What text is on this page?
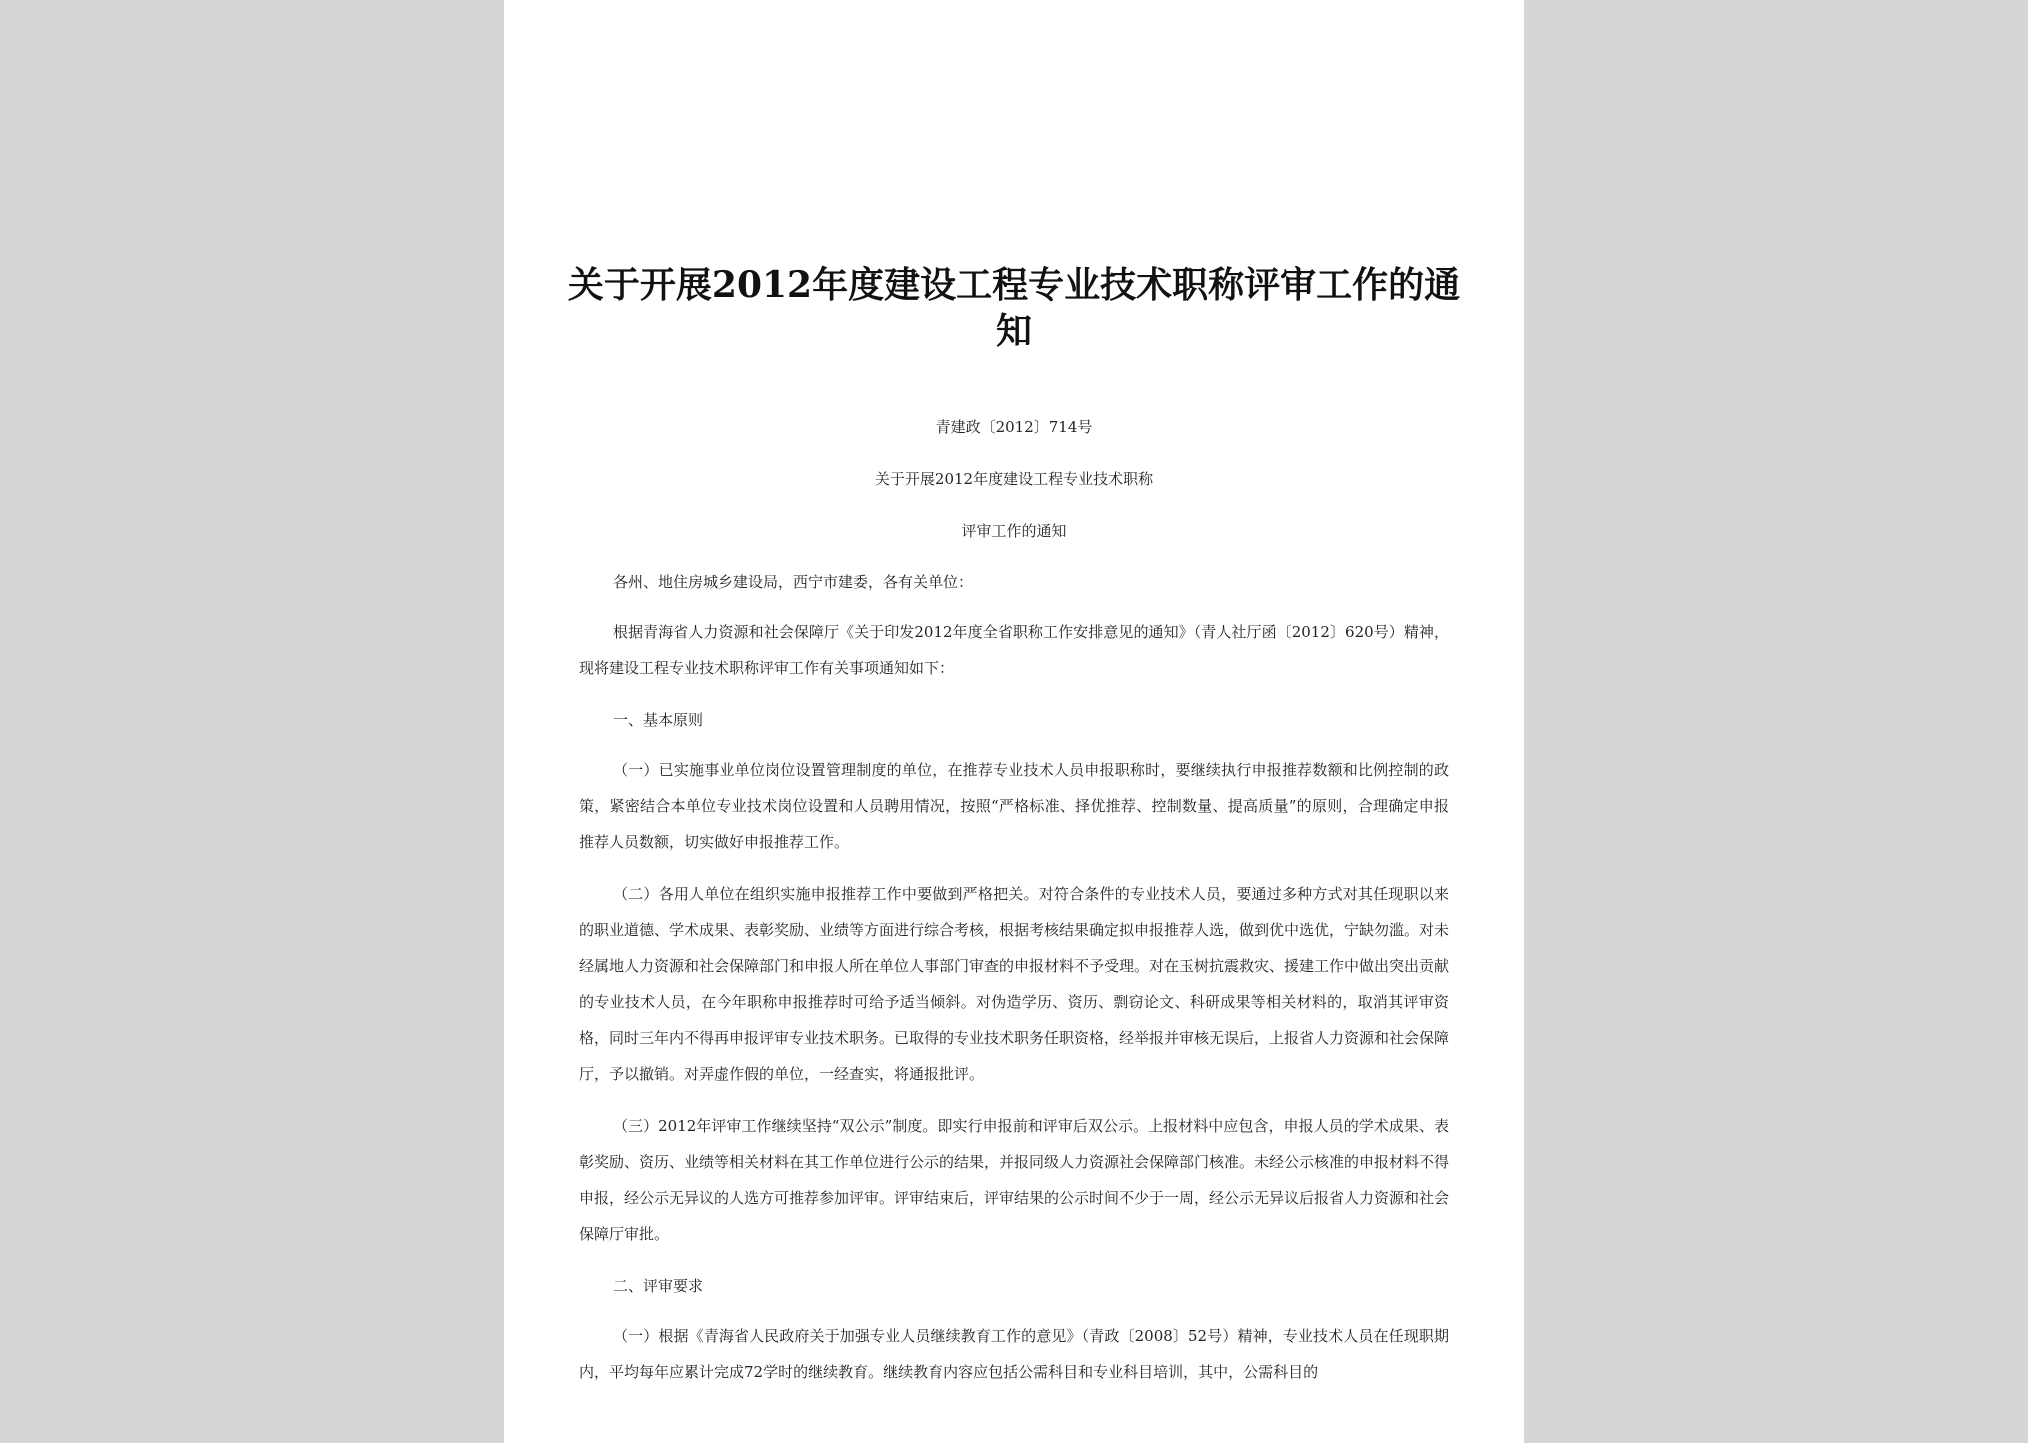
关于开展2012年度建设工程专业技术职称评审工作的通知
青建政〔2012〕714号
关于开展2012年度建设工程专业技术职称
评审工作的通知

各州、地住房城乡建设局，西宁市建委，各有关单位：

根据青海省人力资源和社会保障厅《关于印发2012年度全省职称工作安排意见的通知》（青人社厅函〔2012〕620号）精神，现将建设工程专业技术职称评审工作有关事项通知如下：

一、基本原则

（一）已实施事业单位岗位设置管理制度的单位，在推荐专业技术人员申报职称时，要继续执行申报推荐数额和比例控制的政策，紧密结合本单位专业技术岗位设置和人员聘用情况，按照“严格标准、择优推荐、控制数量、提高质量”的原则，合理确定申报推荐人员数额，切实做好申报推荐工作。

（二）各用人单位在组织实施申报推荐工作中要做到严格把关。对符合条件的专业技术人员，要通过多种方式对其任现职以来的职业道德、学术成果、表彰奖励、业绩等方面进行综合考核，根据考核结果确定拟申报推荐人选，做到优中选优，宁缺勿滥。对未经属地人力资源和社会保障部门和申报人所在单位人事部门审查的申报材料不予受理。对在玉树抗震救灾、援建工作中做出突出贡献的专业技术人员，在今年职称申报推荐时可给予适当倾斜。对伪造学历、资历、剽窃论文、科研成果等相关材料的，取消其评审资格，同时三年内不得再申报评审专业技术职务。已取得的专业技术职务任职资格，经举报并审核无误后，上报省人力资源和社会保障厅，予以撤销。对弄虚作假的单位，一经查实，将通报批评。

（三）2012年评审工作继续坚持“双公示”制度。即实行申报前和评审后双公示。上报材料中应包含，申报人员的学术成果、表彰奖励、资历、业绩等相关材料在其工作单位进行公示的结果，并报同级人力资源社会保障部门核准。未经公示核准的申报材料不得申报，经公示无异议的人选方可推荐参加评审。评审结束后，评审结果的公示时间不少于一周，经公示无异议后报省人力资源和社会保障厅审批。

二、评审要求

（一）根据《青海省人民政府关于加强专业人员继续教育工作的意见》（青政〔2008〕52号）精神，专业技术人员在任现职期内，平均每年应累计完成72学时的继续教育。继续教育内容应包括公需科目和专业科目培训，其中，公需科目的
